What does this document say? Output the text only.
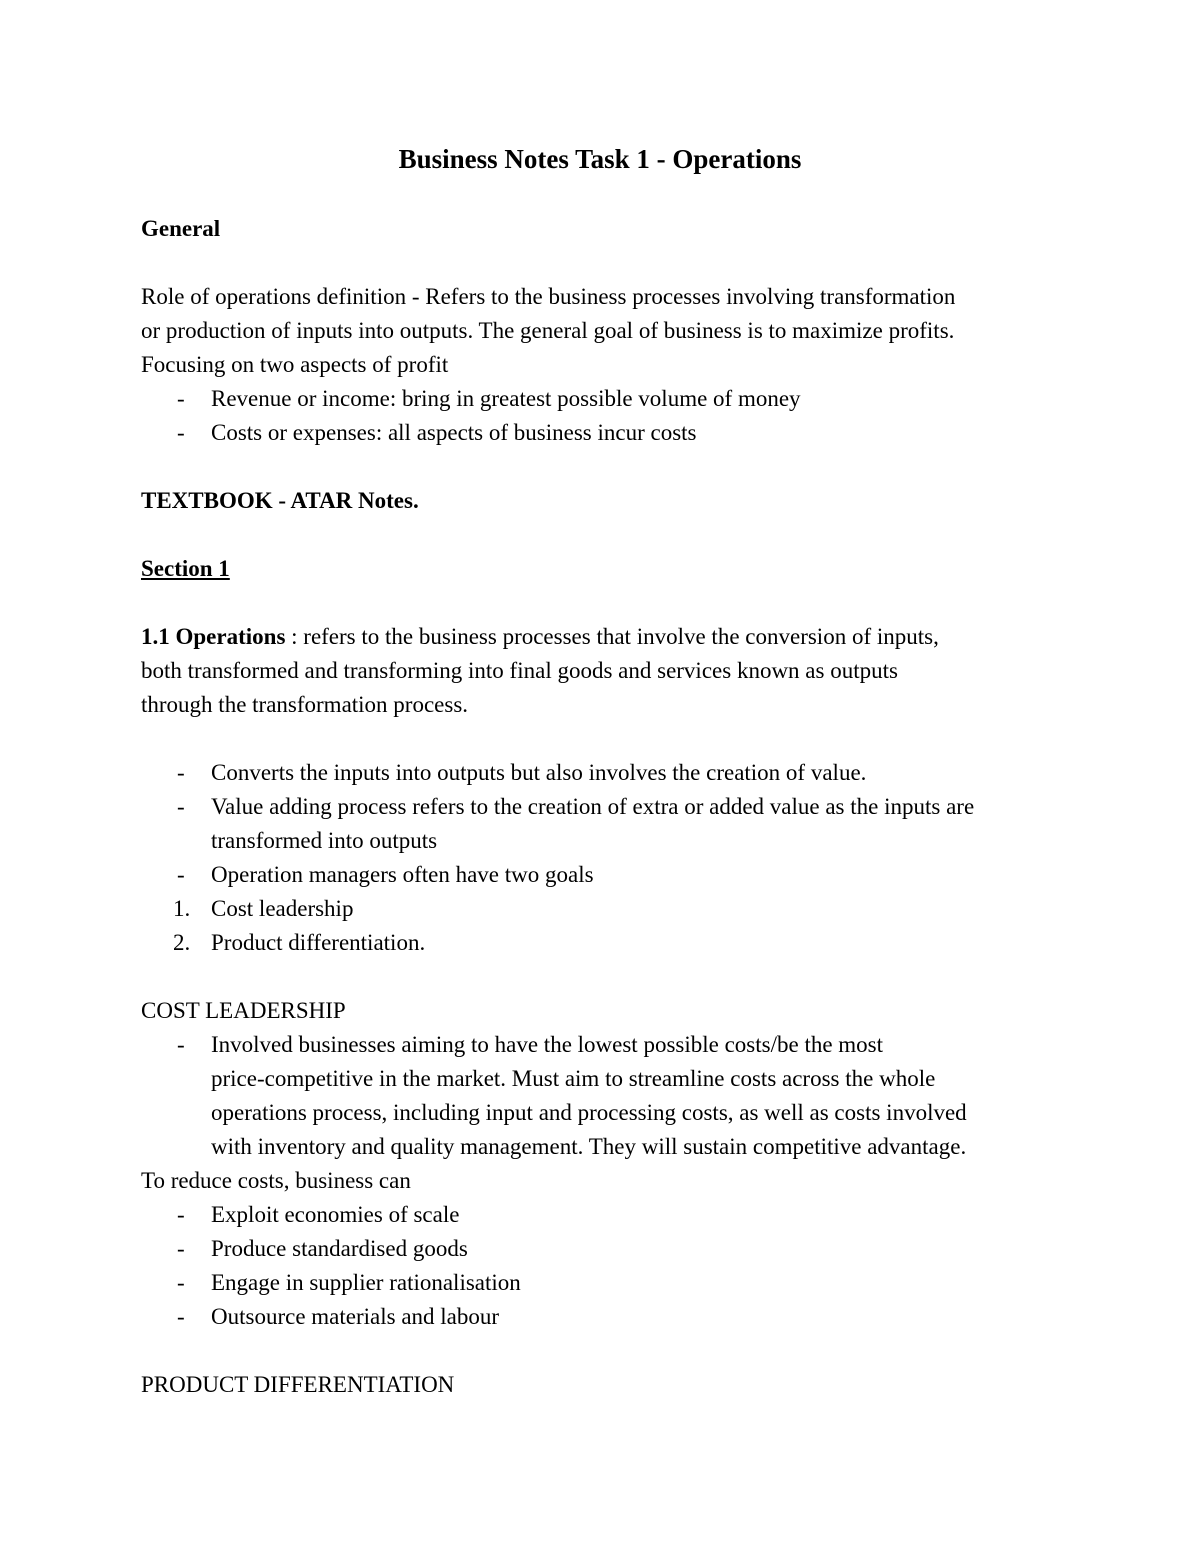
Business Notes Task 1 - Operations

General

Role of operations definition - Refers to the business processes involving transformation
or production of inputs into outputs. The general goal of business is to maximize profits.
Focusing on two aspects of profit

- Revenue or income: bring in greatest possible volume of money
- Costs or expenses: all aspects of business incur costs

TEXTBOOK - ATAR Notes.

Section 1

1.1 Operations : refers to the business processes that involve the conversion of inputs,
both transformed and transforming into final goods and services known as outputs
through the transformation process.

- Converts the inputs into outputs but also involves the creation of value.
- Value adding process refers to the creation of extra or added value as the inputs are
transformed into outputs
- Operation managers often have two goals
1. Cost leadership
2. Product differentiation.

COST LEADERSHIP

- Involved businesses aiming to have the lowest possible costs/be the most
price-competitive in the market. Must aim to streamline costs across the whole
operations process, including input and processing costs, as well as costs involved
with inventory and quality management. They will sustain competitive advantage.

To reduce costs, business can

- Exploit economies of scale
- Produce standardised goods
- Engage in supplier rationalisation
- Outsource materials and labour

PRODUCT DIFFERENTIATION
